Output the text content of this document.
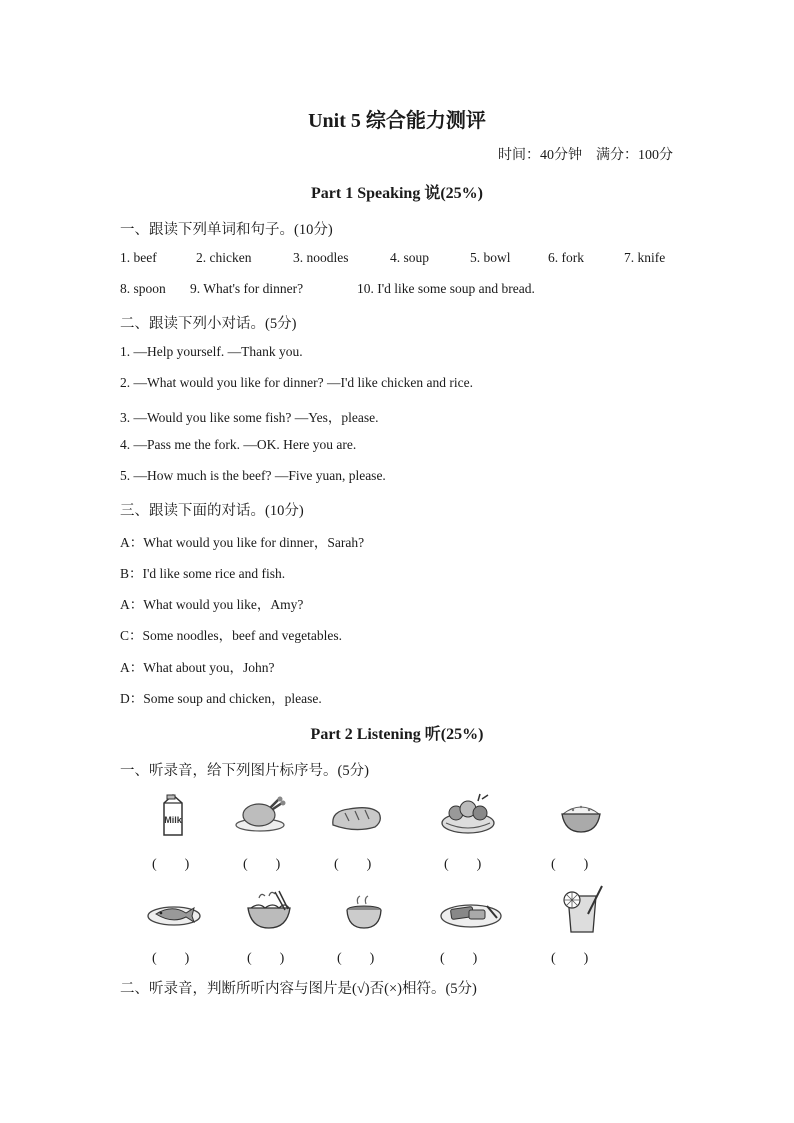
Unit 5 综合能力测评
时间：40分钟　满分：100分
Part 1 Speaking 说(25%)
一、跟读下列单词和句子。(10分)
1. beef	2. chicken	3. noodles	4. soup	5. bowl	6. fork	7. knife
8. spoon 9. What's for dinner?	10. I'd like some soup and bread.
二、跟读下列小对话。(5分)
1. —Help yourself. —Thank you.
2. —What would you like for dinner? —I'd like chicken and rice.
3. —Would you like some fish? —Yes，please.
4. —Pass me the fork. —OK. Here you are.
5. —How much is the beef? —Five yuan, please.
三、跟读下面的对话。(10分)
A：What would you like for dinner，Sarah?
B：I'd like some rice and fish.
A：What would you like，Amy?
C：Some noodles，beef and vegetables.
A：What about you，John?
D：Some soup and chicken，please.
Part 2 Listening 听(25%)
一、听录音，给下列图片标序号。(5分)
Milk
(　　)	(　　)	(　　)	(　　)	(　　)
(　　)	(　　)	(　　)	(　　)	(　　)
二、听录音，判断所听内容与图片是(√)否(×)相符。(5分)
